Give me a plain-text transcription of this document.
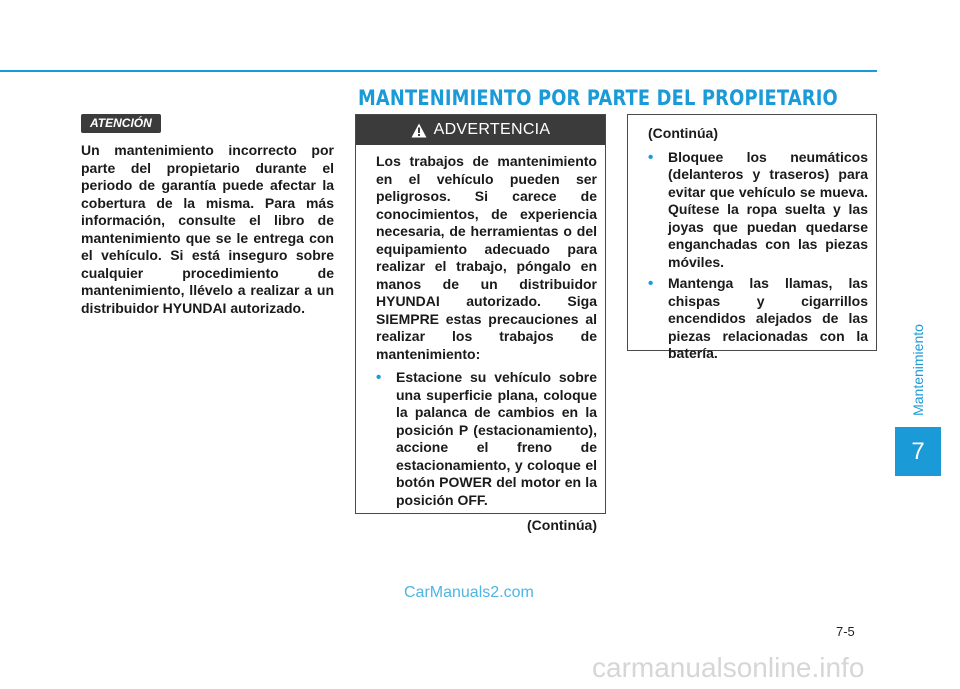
MANTENIMIENTO POR PARTE DEL PROPIETARIO
ATENCIÓN

Un mantenimiento incorrecto por parte del propietario durante el periodo de garantía puede afectar la cobertura de la misma. Para más información, consulte el libro de mantenimiento que se le entrega con el vehículo. Si está inseguro sobre cualquier procedimiento de mantenimiento, llévelo a realizar a un distribuidor HYUNDAI autorizado.

ADVERTENCIA

Los trabajos de mantenimiento en el vehículo pueden ser peligrosos. Si carece de conocimientos, de experiencia necesaria, de herramientas o del equipamiento adecuado para realizar el trabajo, póngalo en manos de un distribuidor HYUNDAI autorizado. Siga SIEMPRE estas precauciones al realizar los trabajos de mantenimiento:

• Estacione su vehículo sobre una superficie plana, coloque la palanca de cambios en la posición P (estacionamiento), accione el freno de estacionamiento, y coloque el botón POWER del motor en la posición OFF.

(Continúa)

(Continúa)

• Bloquee los neumáticos (delanteros y traseros) para evitar que vehículo se mueva. Quítese la ropa suelta y las joyas que puedan quedarse enganchadas con las piezas móviles.
• Mantenga las llamas, las chispas y cigarrillos encendidos alejados de las piezas relacionadas con la batería.	Mantenimiento
7
7-5
CarManuals2.com
carmanualsonline.info
